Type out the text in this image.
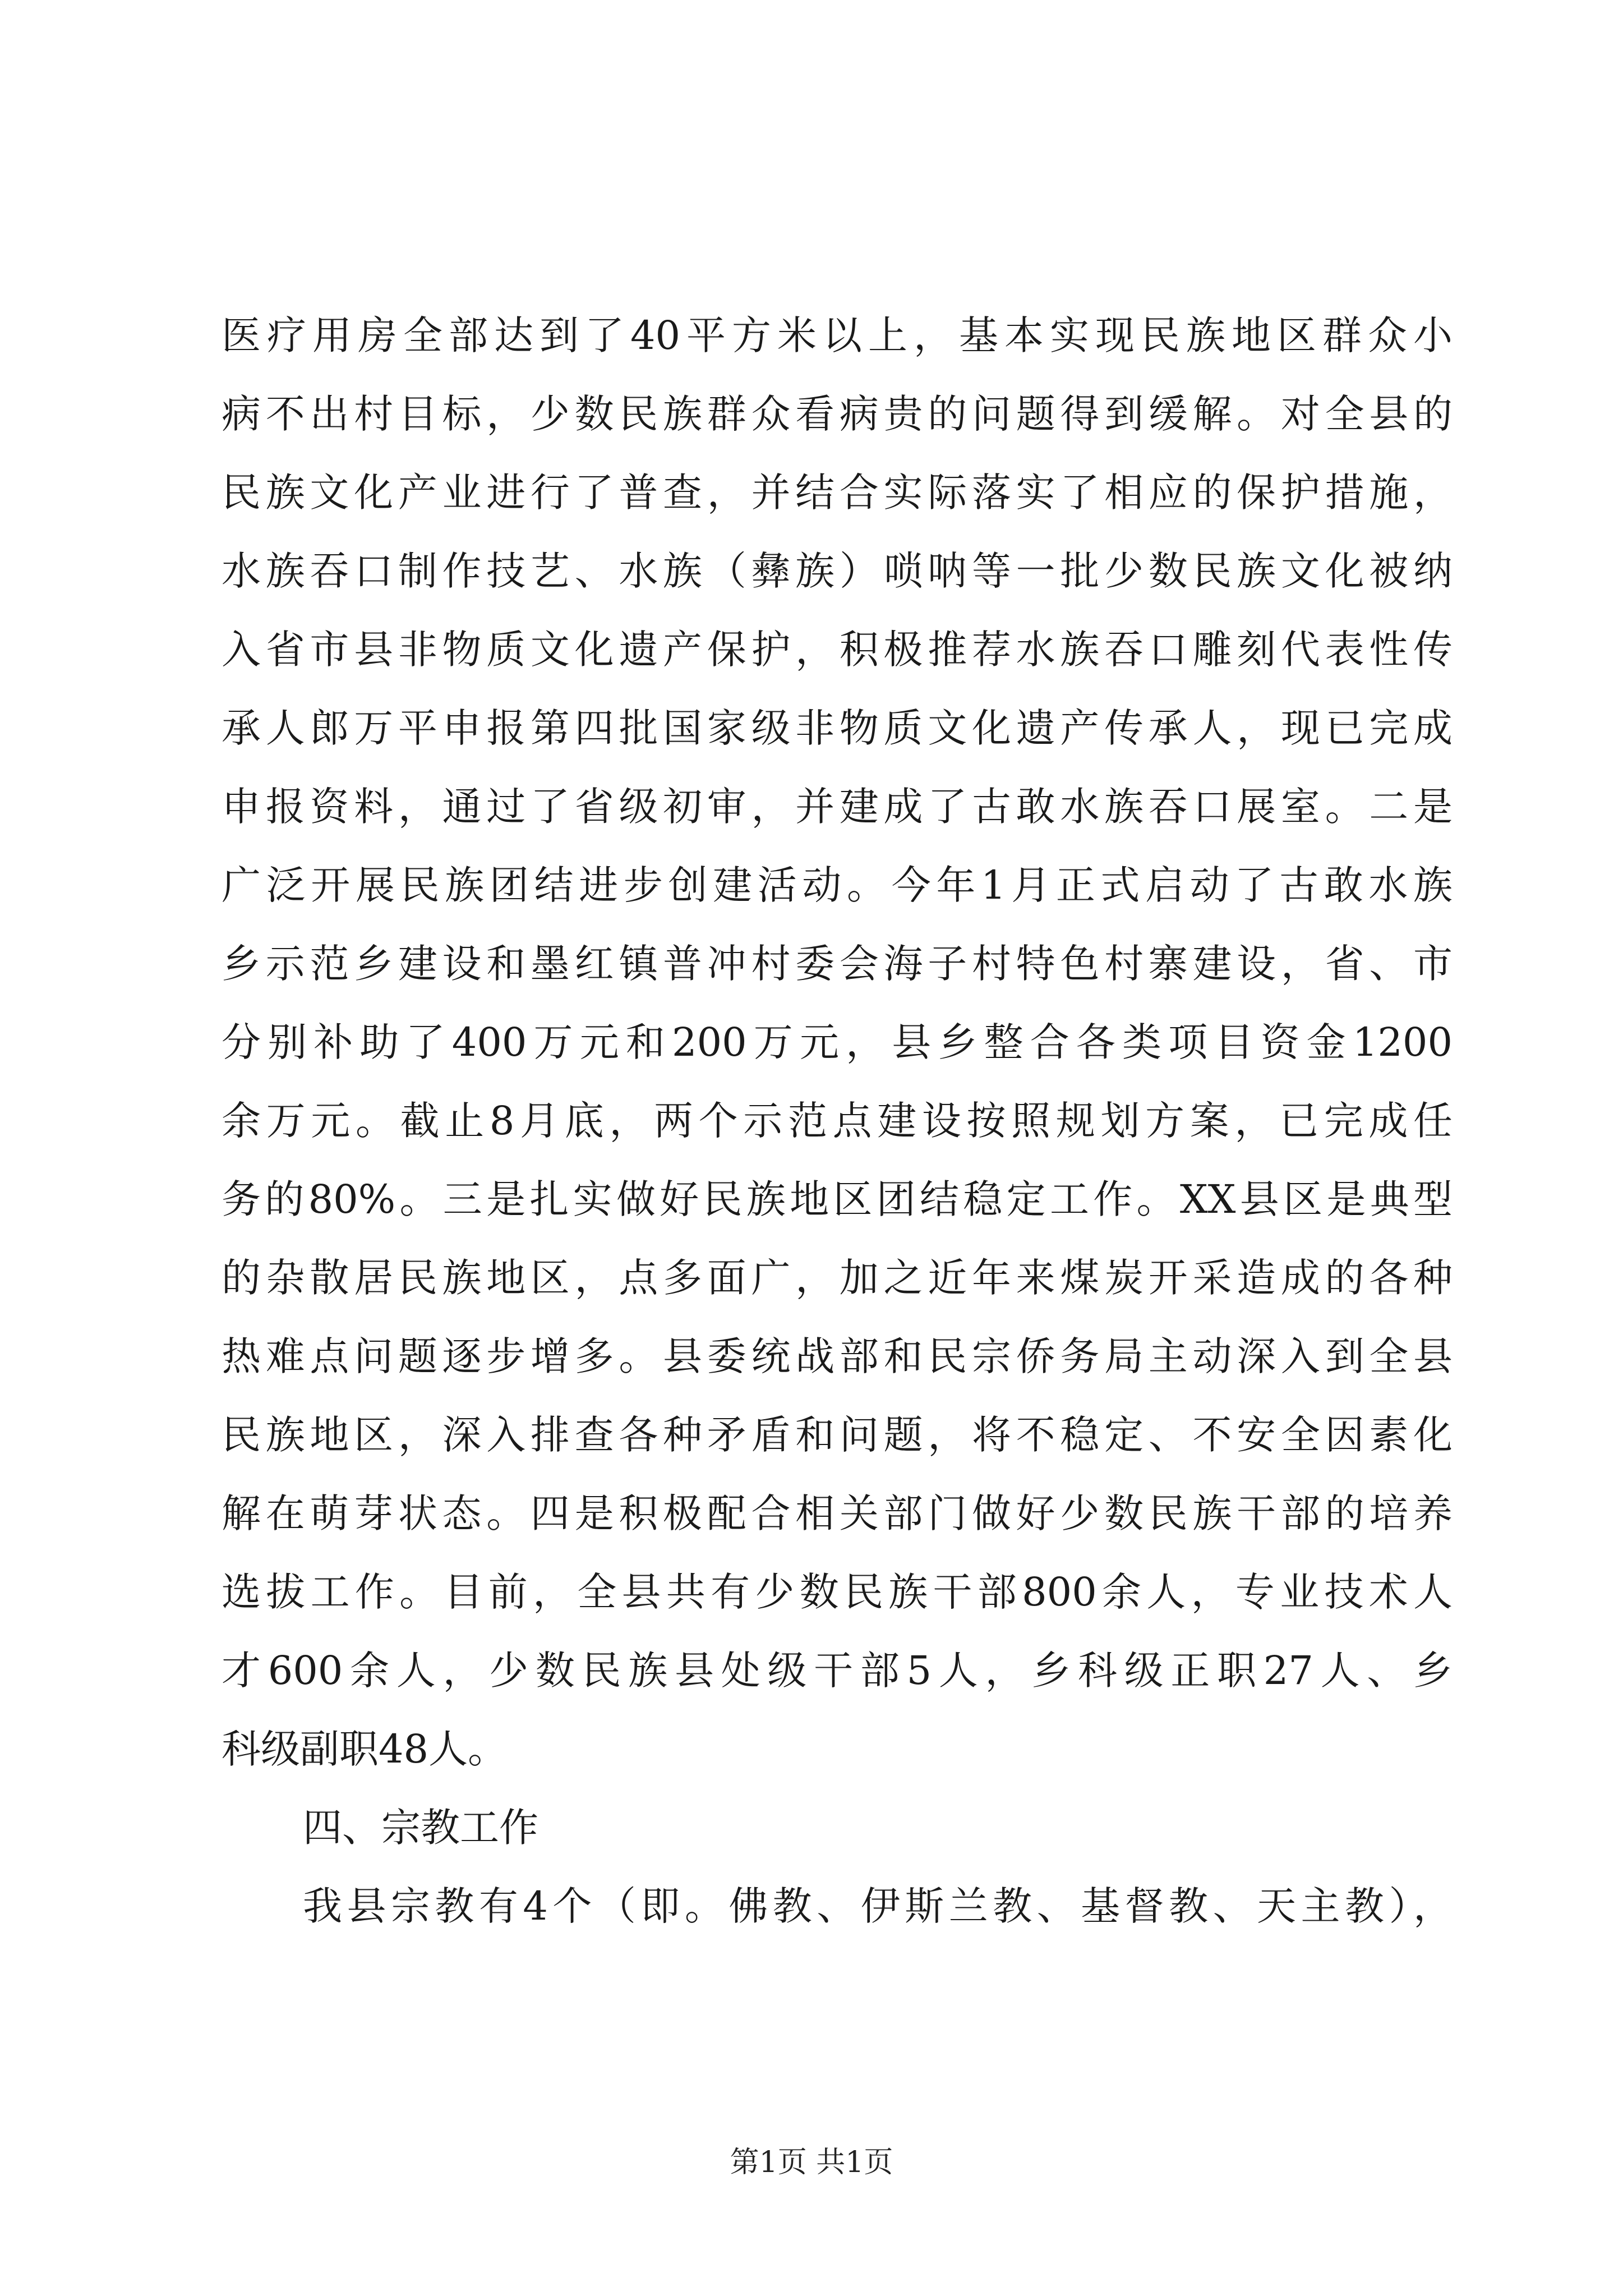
医疗用房全部达到了40平方米以上，基本实现民族地区群众小
病不出村目标，少数民族群众看病贵的问题得到缓解。对全县的
民族文化产业进行了普查，并结合实际落实了相应的保护措施，
水族吞口制作技艺、水族（彝族）唢呐等一批少数民族文化被纳
入省市县非物质文化遗产保护，积极推荐水族吞口雕刻代表性传
承人郎万平申报第四批国家级非物质文化遗产传承人，现已完成
申报资料，通过了省级初审，并建成了古敢水族吞口展室。二是
广泛开展民族团结进步创建活动。今年1月正式启动了古敢水族
乡示范乡建设和墨红镇普冲村委会海子村特色村寨建设，省、市
分别补助了400万元和200万元，县乡整合各类项目资金1200
余万元。截止8月底，两个示范点建设按照规划方案，已完成任
务的80%。三是扎实做好民族地区团结稳定工作。XX县区是典型
的杂散居民族地区，点多面广，加之近年来煤炭开采造成的各种
热难点问题逐步增多。县委统战部和民宗侨务局主动深入到全县
民族地区，深入排查各种矛盾和问题，将不稳定、不安全因素化
解在萌芽状态。四是积极配合相关部门做好少数民族干部的培养
选拔工作。目前，全县共有少数民族干部800余人，专业技术人
才600余人，少数民族县处级干部5人，乡科级正职27人、乡
科级副职48人。
四、宗教工作
我县宗教有4个（即。佛教、伊斯兰教、基督教、天主教），
第1页 共1页
